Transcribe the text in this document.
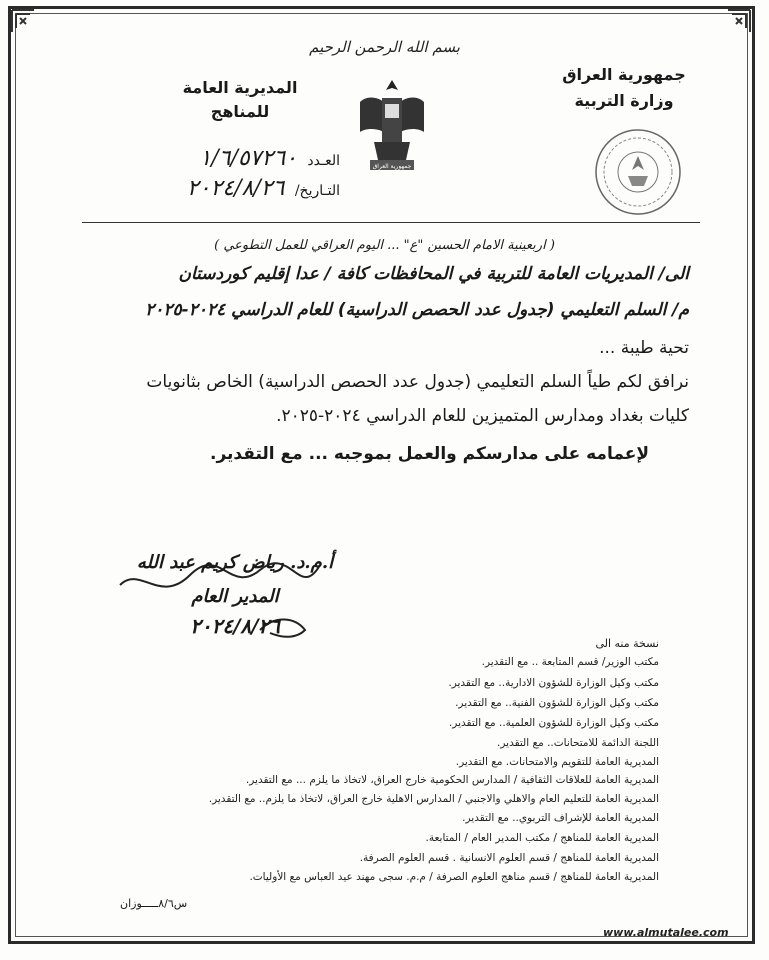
بسم الله الرحمن الرحيم
جمهورية العراق
وزارة التربية
المديرية العامة
للمناهج
جمهورية العراق
العـدد ١/٦/٥٧٢٦٠
التـاريخ/ ٢٠٢٤/٨/٢٦
( اربعينية الامام الحسين "ع" ... اليوم العراقي للعمل التطوعي )
الى/ المديريات العامة للتربية في المحافظات كافة / عدا إقليم كوردستان
م/ السلم التعليمي (جدول عدد الحصص الدراسية) للعام الدراسي ٢٠٢٤-٢٠٢٥
تحية طيبة ...
نرافق لكم طياً السلم التعليمي (جدول عدد الحصص الدراسية) الخاص بثانويات
كليات بغداد ومدارس المتميزين للعام الدراسي ٢٠٢٤-٢٠٢٥.
لإعمامه على مدارسكم والعمل بموجبه ... مع التقدير.
أ.م.د. رياض كريم عبد الله
المدير العام
٢٠٢٤/٨/٢٦
نسخة منه الى
مكتب الوزير/ قسم المتابعة .. مع التقدير.
مكتب وكيل الوزارة للشؤون الادارية.. مع التقدير.
مكتب وكيل الوزارة للشؤون الفنية.. مع التقدير.
مكتب وكيل الوزارة للشؤون العلمية.. مع التقدير.
اللجنة الدائمة للامتحانات.. مع التقدير.
المديرية العامة للتقويم والامتحانات. مع التقدير.
المديرية العامة للعلاقات الثقافية / المدارس الحكومية خارج العراق، لاتخاذ ما يلزم ... مع التقدير.
المديرية العامة للتعليم العام والاهلي والاجنبي / المدارس الاهلية خارج العراق، لاتخاذ ما يلزم.. مع التقدير.
المديرية العامة للإشراف التربوي.. مع التقدير.
المديرية العامة للمناهج / مكتب المدير العام / المتابعة.
المديرية العامة للمناهج / قسم العلوم الانسانية . قسم العلوم الصرفة.
المديرية العامة للمناهج / قسم مناهج العلوم الصرفة / م.م. سجى مهند عيد العباس مع الأوليات.
س٨/٦ـــــوزان
www.almutalee.com
